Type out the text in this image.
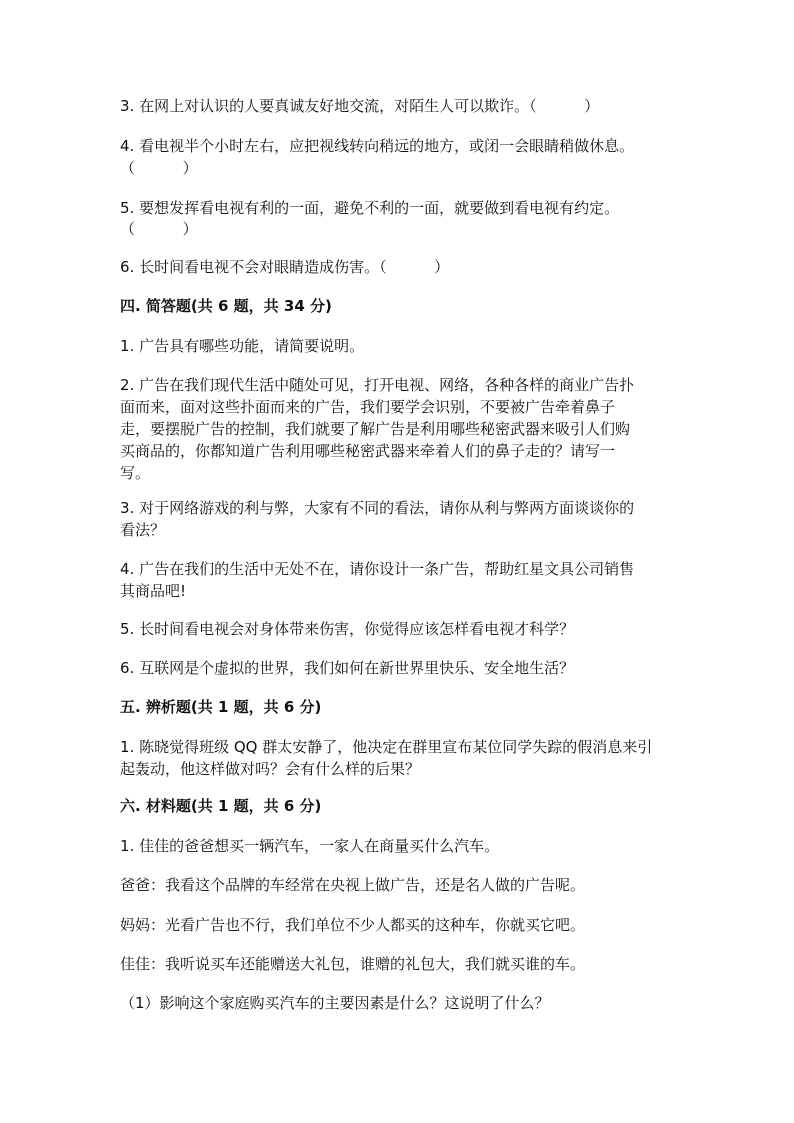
3. 在网上对认识的人要真诚友好地交流，对陌生人可以欺诈。（          ）
4. 看电视半个小时左右，应把视线转向稍远的地方，或闭一会眼睛稍做休息。
（          ）
5. 要想发挥看电视有利的一面，避免不利的一面，就要做到看电视有约定。
（          ）
6. 长时间看电视不会对眼睛造成伤害。（          ）
四. 简答题(共 6 题，共 34 分)
1. 广告具有哪些功能，请简要说明。
2. 广告在我们现代生活中随处可见，打开电视、网络，各种各样的商业广告扑
面而来，面对这些扑面而来的广告，我们要学会识别，不要被广告牵着鼻子
走，要摆脱广告的控制，我们就要了解广告是利用哪些秘密武器来吸引人们购
买商品的，你都知道广告利用哪些秘密武器来牵着人们的鼻子走的？请写一
写。
3. 对于网络游戏的利与弊，大家有不同的看法，请你从利与弊两方面谈谈你的
看法？
4. 广告在我们的生活中无处不在，请你设计一条广告，帮助红星文具公司销售
其商品吧!
5. 长时间看电视会对身体带来伤害，你觉得应该怎样看电视才科学？
6. 互联网是个虚拟的世界，我们如何在新世界里快乐、安全地生活？
五. 辨析题(共 1 题，共 6 分)
1. 陈晓觉得班级 QQ 群太安静了，他决定在群里宣布某位同学失踪的假消息来引
起轰动，他这样做对吗？会有什么样的后果？
六. 材料题(共 1 题，共 6 分)
1. 佳佳的爸爸想买一辆汽车，一家人在商量买什么汽车。
爸爸：我看这个品牌的车经常在央视上做广告，还是名人做的广告呢。
妈妈：光看广告也不行，我们单位不少人都买的这种车，你就买它吧。
佳佳：我听说买车还能赠送大礼包，谁赠的礼包大，我们就买谁的车。
（1）影响这个家庭购买汽车的主要因素是什么？这说明了什么？
